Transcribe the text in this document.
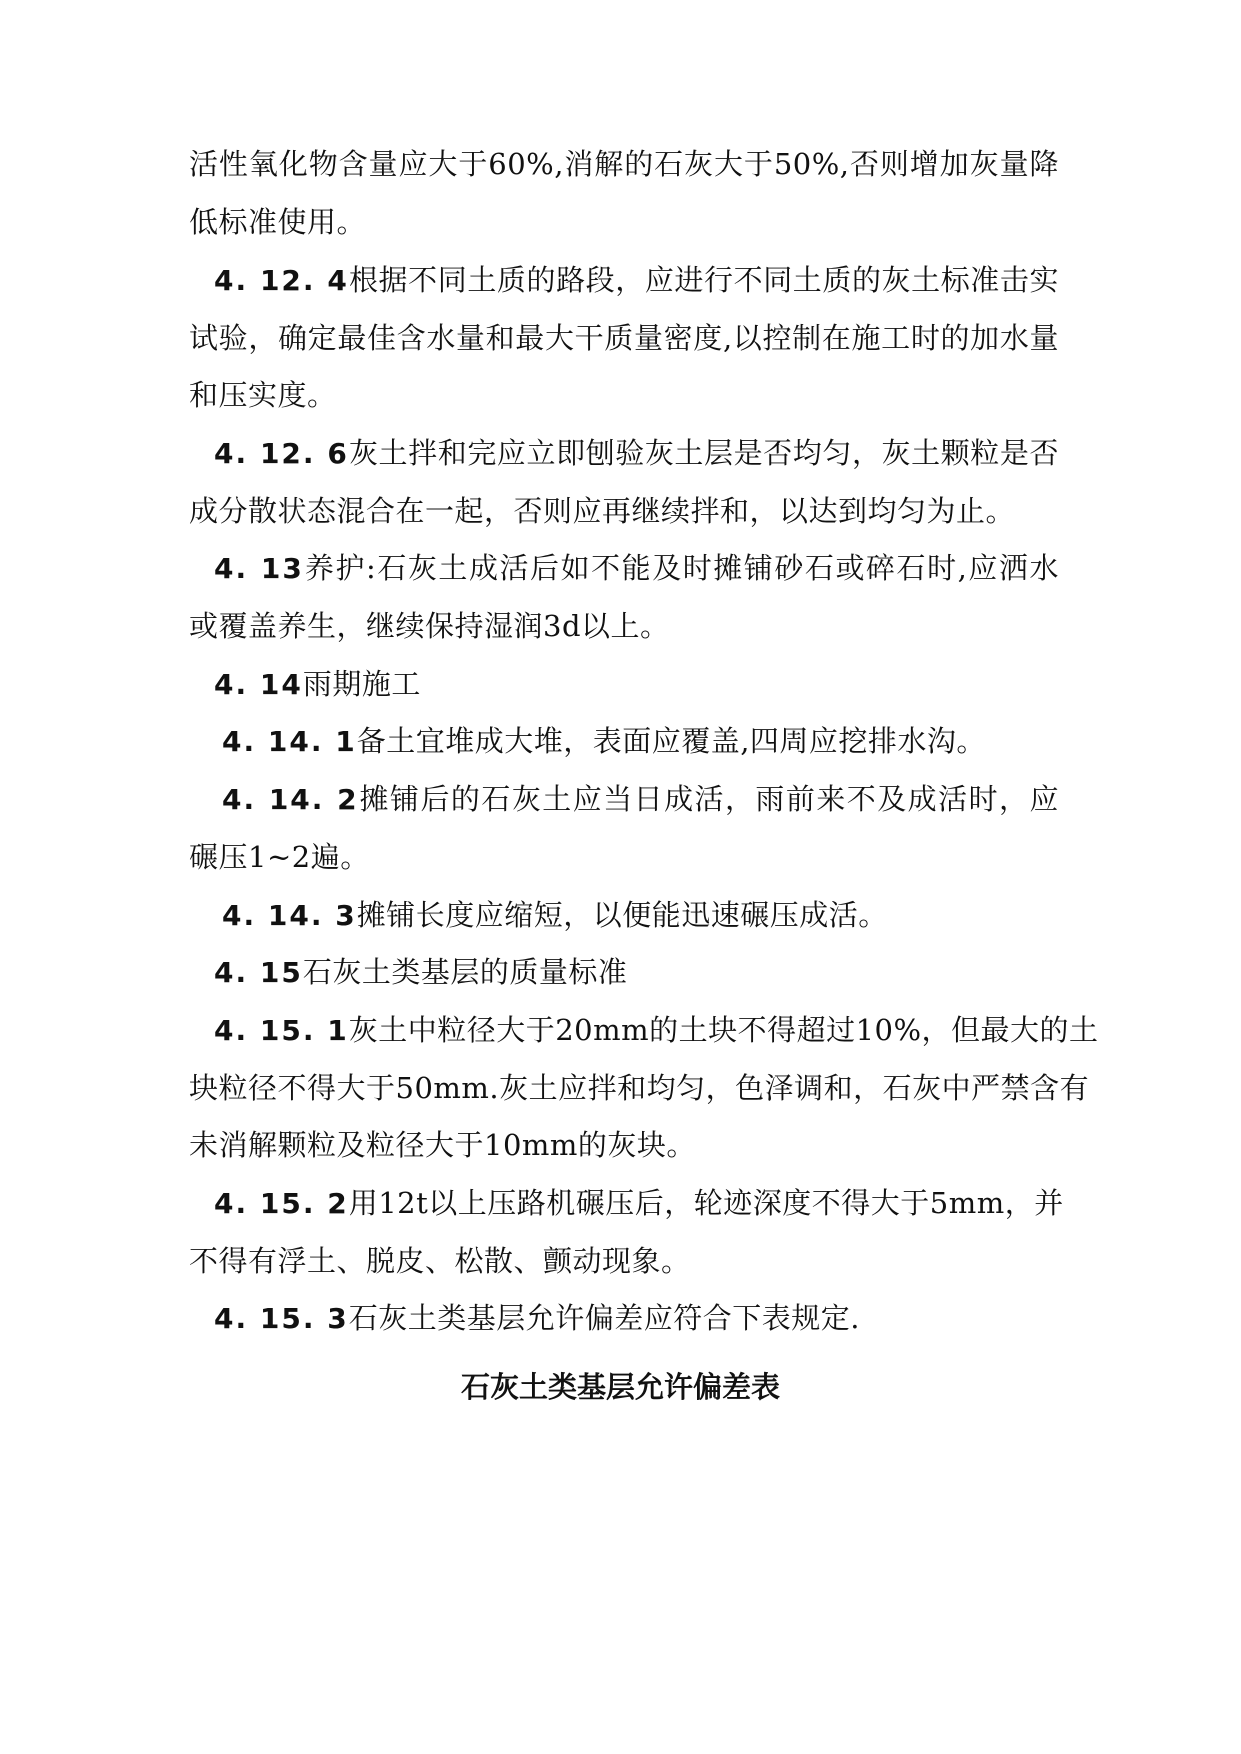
活性氧化物含量应大于60%,消解的石灰大于50%,否则增加灰量降
低标准使用。
4. 12. 4根据不同土质的路段，应进行不同土质的灰土标准击实
试验，确定最佳含水量和最大干质量密度,以控制在施工时的加水量
和压实度。
4. 12. 6灰土拌和完应立即刨验灰土层是否均匀，灰土颗粒是否
成分散状态混合在一起，否则应再继续拌和，以达到均匀为止。
4. 13养护:石灰土成活后如不能及时摊铺砂石或碎石时,应洒水
或覆盖养生，继续保持湿润3d以上。
4. 14雨期施工
4. 14. 1备土宜堆成大堆，表面应覆盖,四周应挖排水沟。
4. 14. 2摊铺后的石灰土应当日成活，雨前来不及成活时，应
碾压1~2遍。
4. 14. 3摊铺长度应缩短，以便能迅速碾压成活。
4. 15石灰土类基层的质量标准
4. 15. 1灰土中粒径大于20mm的土块不得超过10%，但最大的土
块粒径不得大于50mm.灰土应拌和均匀，色泽调和，石灰中严禁含有
未消解颗粒及粒径大于10mm的灰块。
4. 15. 2用12t以上压路机碾压后，轮迹深度不得大于5mm，并
不得有浮土、脱皮、松散、颤动现象。
4. 15. 3石灰土类基层允许偏差应符合下表规定.
石灰土类基层允许偏差表
